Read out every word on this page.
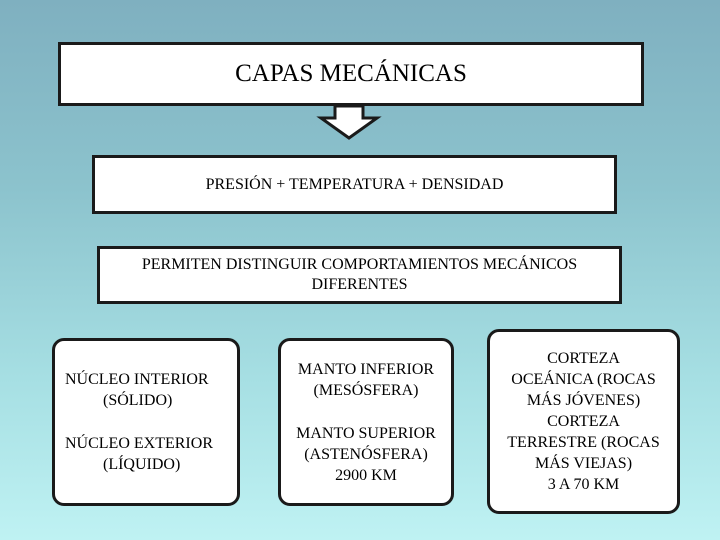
CAPAS MECÁNICAS
PRESIÓN + TEMPERATURA + DENSIDAD
PERMITEN DISTINGUIR COMPORTAMIENTOS MECÁNICOS DIFERENTES
NÚCLEO INTERIOR
(SÓLIDO)
NÚCLEO EXTERIOR
(LÍQUIDO)
MANTO INFERIOR
(MESÓSFERA)
MANTO SUPERIOR
(ASTENÓSFERA)
2900 KM
CORTEZA
OCEÁNICA (ROCAS
MÁS JÓVENES)
CORTEZA
TERRESTRE (ROCAS
MÁS VIEJAS)
3 A 70 KM
